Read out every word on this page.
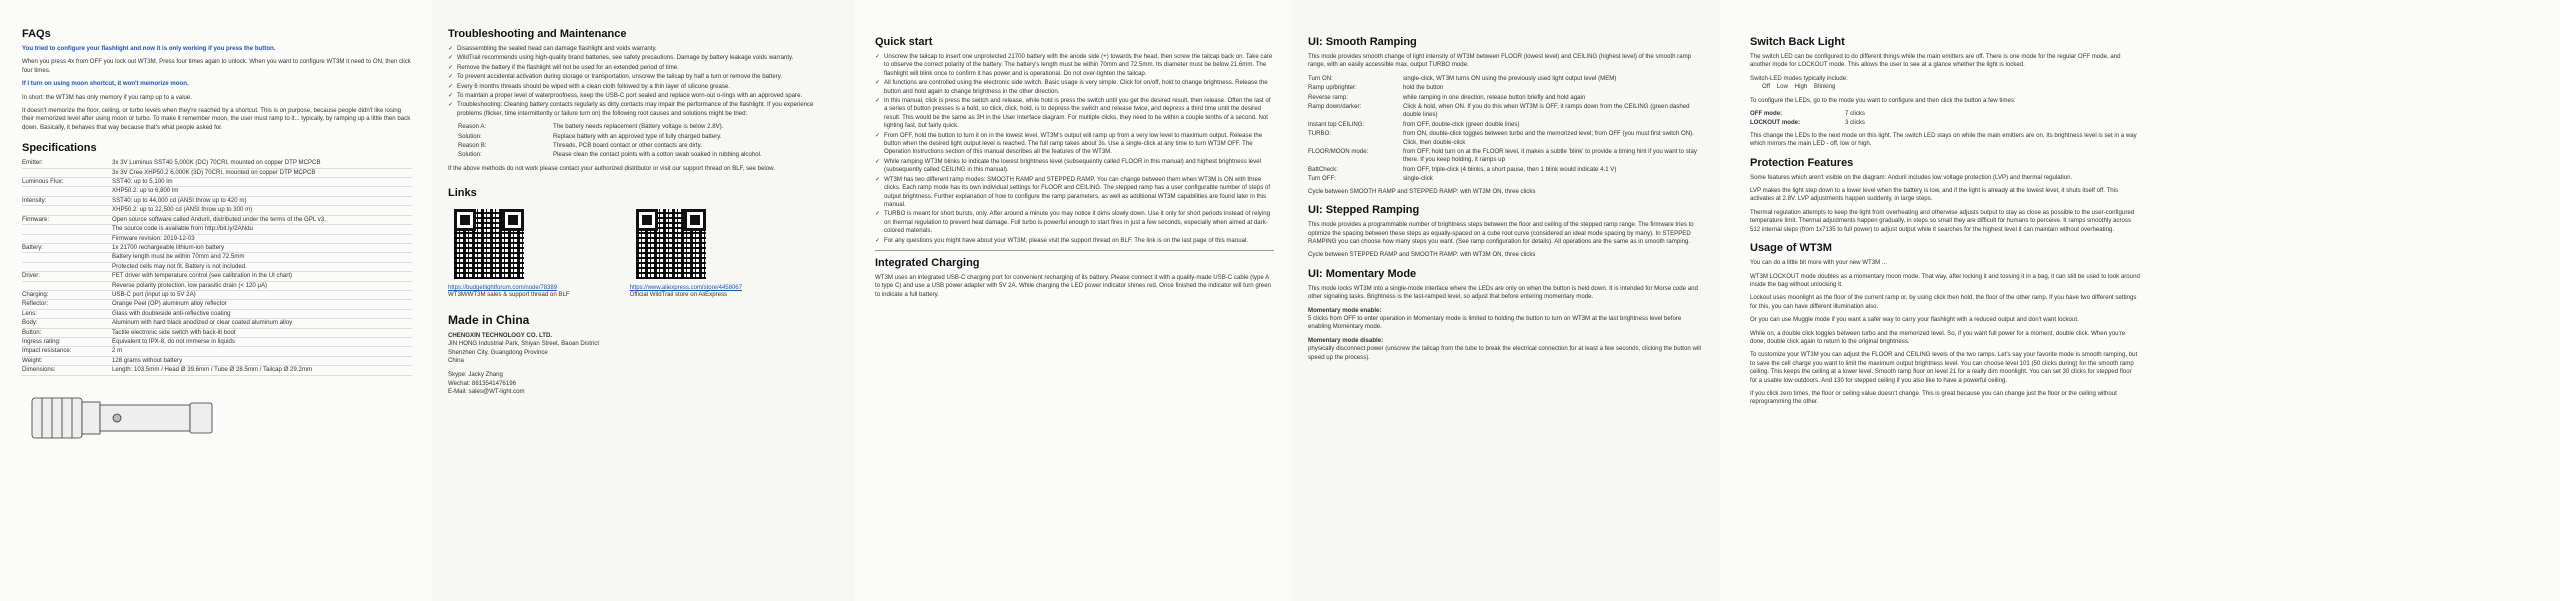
FAQs

You tried to configure your flashlight and now it is only working if you press the button.

When you press 4x from OFF you lock out WT3M. Press four times again to unlock. When you want to configure WT3M it need to ON, then click four times.

If I turn on using moon shortcut, it won't memorize moon.

In short: the WT3M has only memory if you ramp up to a value.

It doesn't memorize the floor, ceiling, or turbo levels when they're reached by a shortcut. This is on purpose, because people didn't like losing their memorized level after using moon or turbo. To make it remember moon, the user must ramp to it... typically, by ramping up a little then back down. Basically, it behaves that way because that's what people asked for.

Specifications
Emitter:	3x 3V Luminus SST40 5,000K (DC) 70CRI, mounted on copper DTP MCPCB
3x 3V Cree XHP50.2 6,000K (3D) 70CRI, mounted on copper DTP MCPCB
Luminous Flux:	SST40: up to 5,100 lm
XHP50.2: up to 6,800 lm
Intensity:	SST40: up to 44,000 cd (ANSI throw up to 420 m)
XHP50.2: up to 22,500 cd (ANSI throw up to 300 m)
Firmware:	Open source software called Anduril, distributed under the terms of the GPL v3.
The source code is available from http://bit.ly/2ANdu
Firmware revision: 2019-12-03
Battery:	1x 21700 rechargeable lithium-ion battery
Battery length must be within 70mm and 72.5mm
Protected cells may not fit. Battery is not included.
Driver:	FET driver with temperature control (see calibration in the UI chart)
Reverse polarity protection, low parasitic drain (< 120 μA)
Charging:	USB-C port (input up to 5V 2A)
Reflector:	Orange Peel (OP) aluminum alloy reflector
Lens:	Glass with doubleside anti-reflective coating
Body:	Aluminum with hard black anodized or clear coated aluminum alloy
Button:	Tactile electronic side switch with back-lit boot
Ingress rating:	Equivalent to IPX-8, do not immerse in liquids
Impact resistance:	2 m
Weight:	128 grams without battery
Dimensions:	Length: 103.5mm / Head Ø 39.6mm / Tube Ø 28.5mm / Tailcap Ø 29.2mm
Troubleshooting and Maintenance
✓ Disassembling the sealed head can damage flashlight and voids warranty.
✓ WildTrail recommends using high-quality brand batteries, see safety precautions. Damage by battery leakage voids warranty.
✓ Remove the battery if the flashlight will not be used for an extended period of time.
✓ To prevent accidental activation during storage or transportation, unscrew the tailcap by half a turn or remove the battery.
✓ Every 6 months threads should be wiped with a clean cloth followed by a thin layer of silicone grease.
✓ To maintain a proper level of waterproofness, keep the USB-C port sealed and replace worn-out o-rings with an approved spare.
✓ Troubleshooting: Cleaning battery contacts regularly as dirty contacts may impair the performance of the flashlight. If you experience problems (flicker, time intermittently or failure turn on) the following root causes and solutions might be tried:
Reason A:	The battery needs replacement (Battery voltage is below 2.8V).
Solution:	Replace battery with an approved type of fully charged battery.
Reason B:	Threads, PCB board contact or other contacts are dirty.
Solution:	Please clean the contact points with a cotton swab soaked in rubbing alcohol.

If the above methods do not work please contact your authorized distributor or visit our support thread on BLF, see below.

Links
https://budgetlightforum.com/node/78389
WT3M/WT3M sales & support thread on BLF
https://www.aliexpress.com/store/4458067
Official WildTrail store on AliExpress
Made in China
CHENGXIN TECHNOLOGY CO. LTD.
JIN HONG Industrial Park, Shiyan Street, Baoan District
Shenzhen City, Guangdong Province
China
Skype: Jacky Zhang
Wechat: 8613541476196
E-Mail: sales@WT-light.com
Quick start
✓ Unscrew the tailcap to insert one unprotected 21700 battery with the anode side (+) towards the head, then screw the tailcap back on. Take care to observe the correct polarity of the battery. The battery's length must be within 70mm and 72.5mm. Its diameter must be below 21.6mm. The flashlight will blink once to confirm it has power and is operational. Do not over-tighten the tailcap.
✓ All functions are controlled using the electronic side switch. Basic usage is very simple. Click for on/off, hold to change brightness. Release the button and hold again to change brightness in the other direction.
✓ In this manual, click is press the switch and release, while hold is press the switch until you get the desired result, then release. Often the last of a series of button presses is a hold, so click, click, hold, is to depress the switch and release twice, and depress a third time until the desired result. This would be the same as 3H in the User Interface diagram. For multiple clicks, they need to be within a couple tenths of a second. Not lighting fast, but fairly quick.
✓ From OFF, hold the button to turn it on in the lowest level. WT3M's output will ramp up from a very low level to maximum output. Release the button when the desired light output level is reached. The full ramp takes about 3s. Use a single-click at any time to turn WT3M OFF. The Operation Instructions section of this manual describes all the features of the WT3M.
✓ While ramping WT3M blinks to indicate the lowest brightness level (subsequently called FLOOR in this manual) and highest brightness level (subsequently called CEILING in this manual).
✓ WT3M has two different ramp modes: SMOOTH RAMP and STEPPED RAMP. You can change between them when WT3M is ON with three clicks. Each ramp mode has its own individual settings for FLOOR and CEILING. The stepped ramp has a user configurable number of steps of output brightness. Further explanation of how to configure the ramp parameters, as well as additional WT3M capabilities are found later in this manual.
✓ TURBO is meant for short bursts, only. After around a minute you may notice it dims slowly down. Use it only for short periods instead of relying on thermal regulation to prevent heat damage. Full turbo is powerful enough to start fires in just a few seconds, especially when aimed at dark-colored materials.
✓ For any questions you might have about your WT3M, please visit the support thread on BLF. The link is on the last page of this manual.
Integrated Charging

WT3M uses an integrated USB-C charging port for convenient recharging of its battery. Please connect it with a quality-made USB-C cable (type A to type C) and use a USB power adapter with 5V 2A. While charging the LED power indicator shines red. Once finished the indicator will turn green to indicate a full battery.

UI: Smooth Ramping

This mode provides smooth change of light intensity of WT3M between FLOOR (lowest level) and CEILING (highest level) of the smooth ramp range, with an easily accessible max. output TURBO mode.

Turn ON:	single-click, WT3M turns ON using the previously used light output level (MEM)
Ramp up/brighter:	hold the button
Reverse ramp:	while ramping in one direction, release button briefly and hold again
Ramp down/darker:	Click & hold, when ON. If you do this when WT3M is OFF, it ramps down from the CEILING (green dashed double lines)
Instant top CEILING:	from OFF, double-click (green double lines)
TURBO:	from ON, double-click toggles between turbo and the memorized level; from OFF (you must first switch ON). Click, then double-click
FLOOR/MOON mode:	from OFF, hold turn on at the FLOOR level, it makes a subtle 'blink' to provide a timing hint if you want to stay there. If you keep holding, it ramps up
BattCheck:	from OFF, triple-click (4 blinks, a short pause, then 1 blink would indicate 4.1 V)
Turn OFF:	single-click

Cycle between SMOOTH RAMP and STEPPED RAMP: with WT3M ON, three clicks

UI: Stepped Ramping

This mode provides a programmable number of brightness steps between the floor and ceiling of the stepped ramp range. The firmware tries to optimize the spacing between these steps as equally-spaced on a cube root curve (considered an ideal mode spacing by many). In STEPPED RAMPING you can choose how many steps you want. (See ramp configuration for details). All operations are the same as in smooth ramping.

Cycle between STEPPED RAMP and SMOOTH RAMP: with WT3M ON, three clicks

UI: Momentary Mode

This mode locks WT3M into a single-mode interface where the LEDs are only on when the button is held down. It is intended for Morse code and other signaling tasks. Brightness is the last-ramped level, so adjust that before entering momentary mode.

Momentary mode enable:

5 clicks from OFF to enter operation in Momentary mode is limited to holding the button to turn on WT3M at the last brightness level before enabling Momentary mode.

Momentary mode disable:

physically disconnect power (unscrew the tailcap from the tube to break the electrical connection for at least a few seconds, clicking the button will speed up the process).

Switch Back Light

The switch LED can be configured to do different things while the main emitters are off. There is one mode for the regular OFF mode, and another mode for LOCKOUT mode. This allows the user to see at a glance whether the light is locked.

Switch-LED modes typically include:

Off    Low    High    Blinking

To configure the LEDs, go to the mode you want to configure and then click the button a few times:

OFF mode:	7 clicks
LOCKOUT mode:	3 clicks

This change the LEDs to the next mode on this light. The switch LED stays on while the main emitters are on. Its brightness level is set in a way which mirrors the main LED - off, low or high.

Protection Features

Some features which aren't visible on the diagram: Anduril includes low voltage protection (LVP) and thermal regulation.

LVP makes the light step down to a lower level when the battery is low, and if the light is already at the lowest level, it shuts itself off. This activates at 2.8V. LVP adjustments happen suddenly, in large steps.

Thermal regulation attempts to keep the light from overheating and otherwise adjusts output to stay as close as possible to the user-configured temperature limit. Thermal adjustments happen gradually, in steps so small they are difficult for humans to perceive. It ramps smoothly across 512 internal steps (from 1x7135 to full power) to adjust output while it searches for the highest level it can maintain without overheating.

Usage of WT3M

You can do a little bit more with your new WT3M ...

WT3M LOCKOUT mode doubles as a momentary moon mode. That way, after locking it and tossing it in a bag, it can still be used to look around inside the bag without unlocking it.

Lockout uses moonlight as the floor of the current ramp or, by using click then hold, the floor of the other ramp. If you have two different settings for this, you can have different illumination also.

Or you can use Muggle mode if you want a safer way to carry your flashlight with a reduced output and don't want lockout.

While on, a double click toggles between turbo and the memorized level. So, if you want full power for a moment, double click. When you're done, double click again to return to the original brightness.

To customize your WT3M you can adjust the FLOOR and CEILING levels of the two ramps. Let's say your favorite mode is smooth ramping, but to save the cell charge you want to limit the maximum output brightness level. You can choose level 101 (50 clicks during) for the smooth ramp ceiling. This keeps the ceiling at a lower level. Smooth ramp floor on level 21 for a really dim moonlight. You can set 30 clicks for stepped floor for a usable low outdoors. And 130 for stepped ceiling if you also like to have a powerful ceiling.

If you click zero times, the floor or ceiling value doesn't change. This is great because you can change just the floor or the ceiling without reprogramming the other.
